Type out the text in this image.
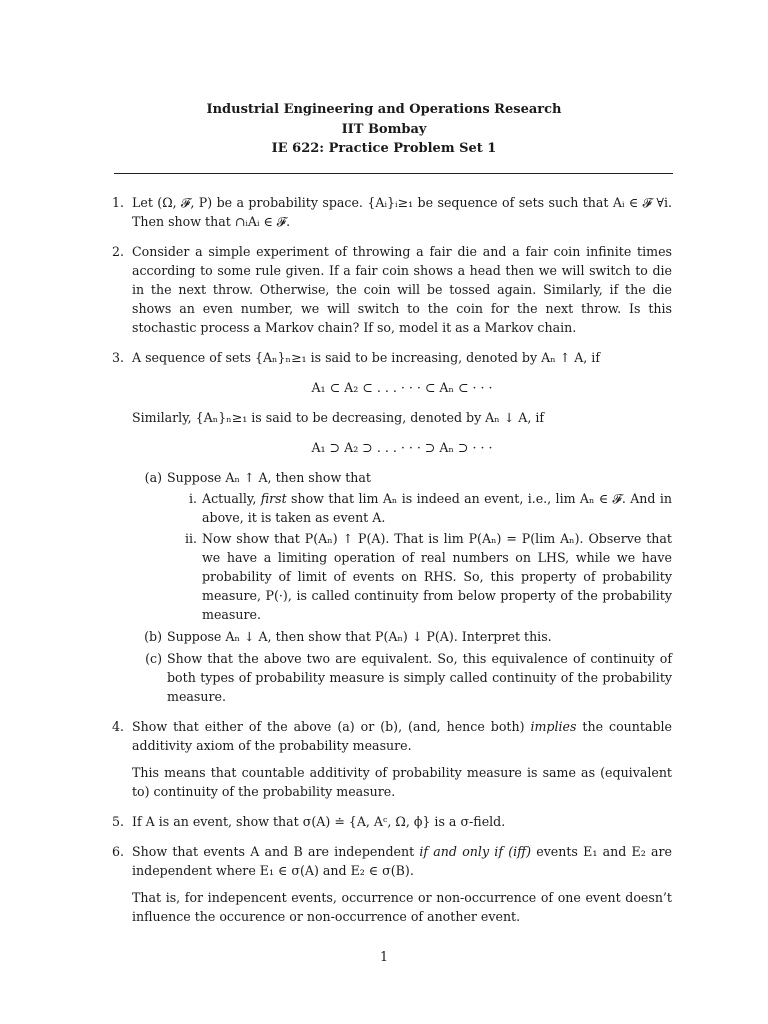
Industrial Engineering and Operations Research
IIT Bombay
IE 622: Practice Problem Set 1
1. Let (Ω, 𝓕, P) be a probability space. {Aᵢ}ᵢ≥₁ be sequence of sets such that Aᵢ ∈ 𝓕 ∀i. Then show that ∩ᵢAᵢ ∈ 𝓕.

2. Consider a simple experiment of throwing a fair die and a fair coin infinite times according to some rule given. If a fair coin shows a head then we will switch to die in the next throw. Otherwise, the coin will be tossed again. Similarly, if the die shows an even number, we will switch to the coin for the next throw. Is this stochastic process a Markov chain? If so, model it as a Markov chain.

3. A sequence of sets {Aₙ}ₙ≥₁ is said to be increasing, denoted by Aₙ ↑ A, if

A₁ ⊂ A₂ ⊂ . . . · · · ⊂ Aₙ ⊂ · · ·

Similarly, {Aₙ}ₙ≥₁ is said to be decreasing, denoted by Aₙ ↓ A, if

A₁ ⊃ A₂ ⊃ . . . · · · ⊃ Aₙ ⊃ · · ·
(a) Suppose Aₙ ↑ A, then show that
i. Actually, first show that lim Aₙ is indeed an event, i.e., lim Aₙ ∈ 𝓕. And in above, it is taken as event A.
ii. Now show that P(Aₙ) ↑ P(A). That is lim P(Aₙ) = P(lim Aₙ). Observe that we have a limiting operation of real numbers on LHS, while we have probability of limit of events on RHS. So, this property of probability measure, P(·), is called continuity from below property of the probability measure.
(b) Suppose Aₙ ↓ A, then show that P(Aₙ) ↓ P(A). Interpret this.
(c) Show that the above two are equivalent. So, this equivalence of continuity of both types of probability measure is simply called continuity of the probability measure.
4. Show that either of the above (a) or (b), (and, hence both) implies the countable additivity axiom of the probability measure.

This means that countable additivity of probability measure is same as (equivalent to) continuity of the probability measure.

5. If A is an event, show that σ(A) ≐ {A, Aᶜ, Ω, ϕ} is a σ-field.

6. Show that events A and B are independent if and only if (iff) events E₁ and E₂ are independent where E₁ ∈ σ(A) and E₂ ∈ σ(B).

That is, for indepencent events, occurrence or non-occurrence of one event doesn’t influence the occurence or non-occurrence of another event.

1
